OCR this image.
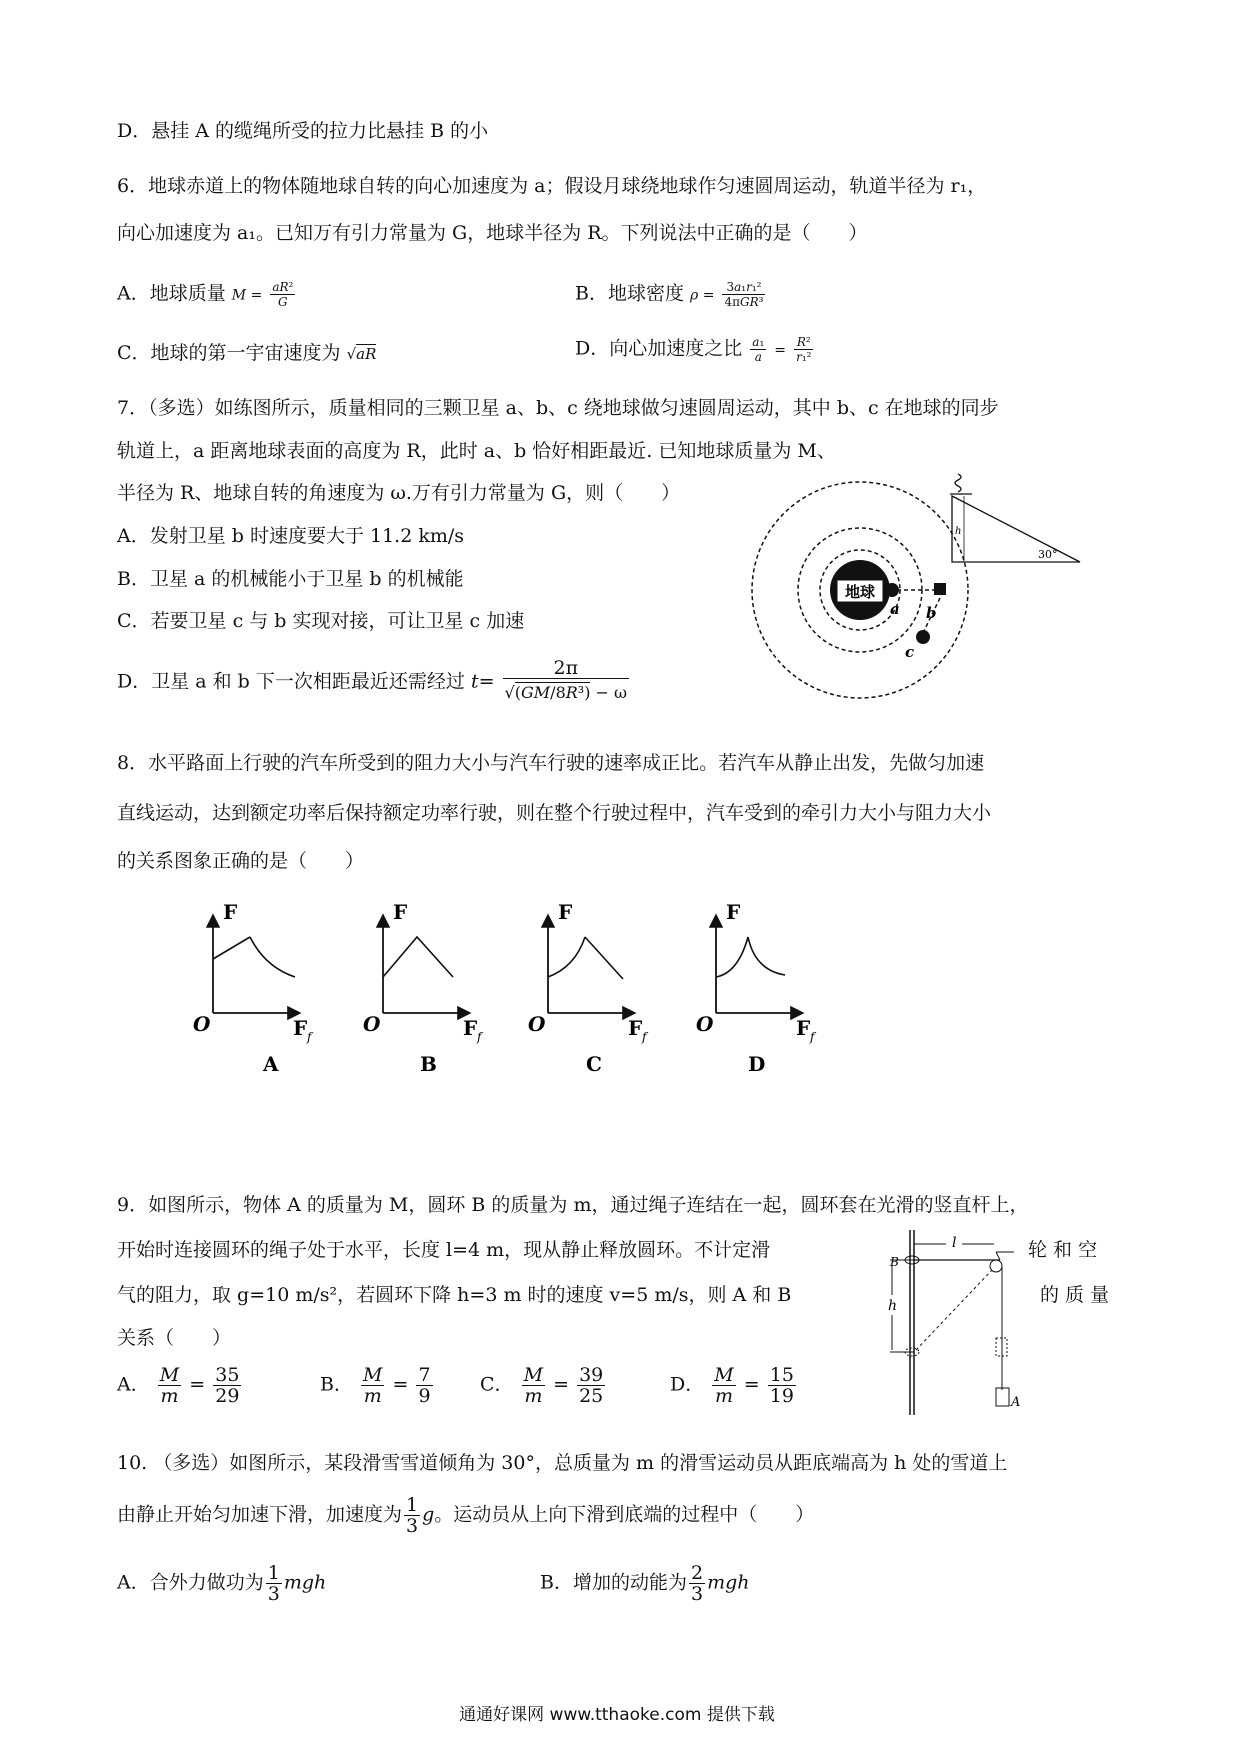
D．悬挂 A 的缆绳所受的拉力比悬挂 B 的小
6．地球赤道上的物体随地球自转的向心加速度为 a；假设月球绕地球作匀速圆周运动，轨道半径为 r₁，
向心加速度为 a₁。已知万有引力常量为 G，地球半径为 R。下列说法中正确的是（　　）
A．地球质量 $M = \frac{\text{aR²}}{G}$	B．地球密度 $\rho = \frac{\text{3a₁r₁²}}{\text{4πGR³}}$
C．地球的第一宇宙速度为 √aR	D．向心加速度之比 $\frac{\text{a₁}}{a} = \frac{\text{R²}}{\text{r₁²}}$
7．（多选）如练图所示，质量相同的三颗卫星 a、b、c 绕地球做匀速圆周运动，其中 b、c 在地球的同步
轨道上，a 距离地球表面的高度为 R，此时 a、b 恰好相距最近. 已知地球质量为 M、
半径为 R、地球自转的角速度为 ω.万有引力常量为 G，则（　　）
A．发射卫星 b 时速度要大于 11.2 km/s
B．卫星 a 的机械能小于卫星 b 的机械能
C．若要卫星 c 与 b 实现对接，可让卫星 c 加速
D．卫星 a 和 b 下一次相距最近还需经过 $t= \frac{2\pi}{\text{√(GM/8R³) − ω}}$
地球
a b
c
h
30°
8．水平路面上行驶的汽车所受到的阻力大小与汽车行驶的速率成正比。若汽车从静止出发，先做匀加速
直线运动，达到额定功率后保持额定功率行驶，则在整个行驶过程中，汽车受到的牵引力大小与阻力大小
的关系图象正确的是（　　）
F
O	F f
A
F
O	F f
B
F
O	F f
C
F
O	F f
D
9．如图所示，物体 A 的质量为 M，圆环 B 的质量为 m，通过绳子连结在一起，圆环套在光滑的竖直杆上，
开始时连接圆环的绳子处于水平，长度 l=4 m，现从静止释放圆环。不计定滑	轮 和 空
气的阻力，取 g=10 m/s²，若圆环下降 h=3 m 时的速度 v=5 m/s，则 A 和 B	的 质 量
关系（　　）
A． $\frac{M}{m} = \frac{35}{29}$	B． $\frac{M}{m} = \frac{7}{9}$ C． $\frac{M}{m} = \frac{39}{25}$	D． $\frac{M}{m} = \frac{15}{19}$
l
B
h
A
10. （多选）如图所示，某段滑雪雪道倾角为 30°，总质量为 m 的滑雪运动员从距底端高为 h 处的雪道上
由静止开始匀加速下滑，加速度为 $\frac{1}{3}$ g。运动员从上向下滑到底端的过程中（　　）
A．合外力做功为 $\frac{1}{3}$ mgh	B．增加的动能为 $\frac{2}{3}$ mgh
通通好课网 www.tthaoke.com 提供下载
